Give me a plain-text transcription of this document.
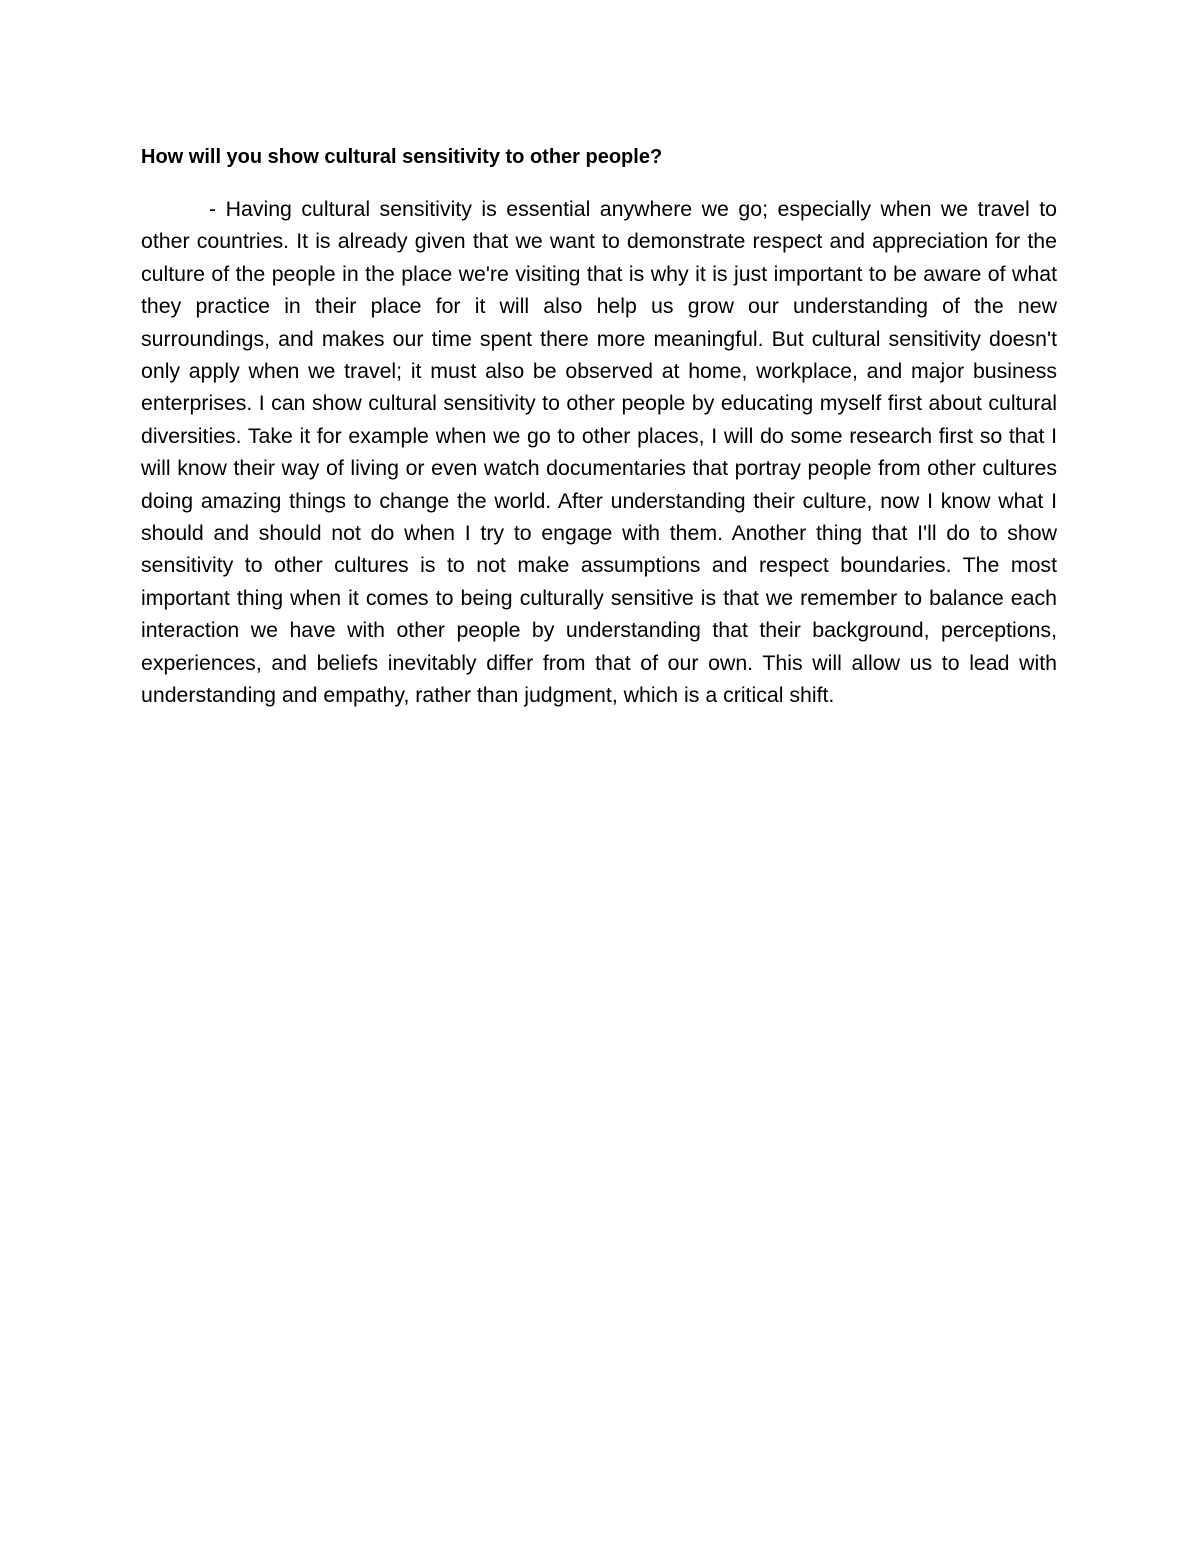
How will you show cultural sensitivity to other people?

- Having cultural sensitivity is essential anywhere we go; especially when we travel to other countries. It is already given that we want to demonstrate respect and appreciation for the culture of the people in the place we're visiting that is why it is just important to be aware of what they practice in their place for it will also help us grow our understanding of the new surroundings, and makes our time spent there more meaningful. But cultural sensitivity doesn't only apply when we travel; it must also be observed at home, workplace, and major business enterprises. I can show cultural sensitivity to other people by educating myself first about cultural diversities. Take it for example when we go to other places, I will do some research first so that I will know their way of living or even watch documentaries that portray people from other cultures doing amazing things to change the world. After understanding their culture, now I know what I should and should not do when I try to engage with them. Another thing that I'll do to show sensitivity to other cultures is to not make assumptions and respect boundaries. The most important thing when it comes to being culturally sensitive is that we remember to balance each interaction we have with other people by understanding that their background, perceptions, experiences, and beliefs inevitably differ from that of our own. This will allow us to lead with understanding and empathy, rather than judgment, which is a critical shift.
